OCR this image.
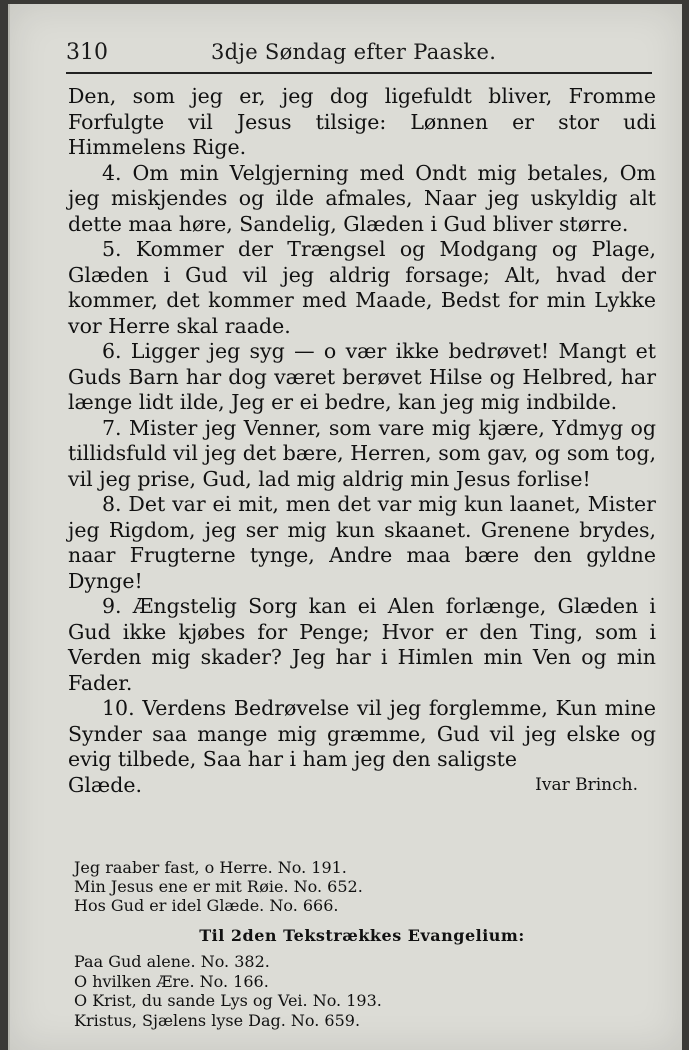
310	3dje Søndag efter Paaske.

Den, som jeg er, jeg dog ligefuldt bliver, Fromme Forfulgte vil Jesus tilsige: Lønnen er stor udi Himmelens Rige.

4. Om min Velgjerning med Ondt mig betales, Om jeg miskjendes og ilde afmales, Naar jeg uskyldig alt dette maa høre, Sandelig, Glæden i Gud bliver større.

5. Kommer der Trængsel og Modgang og Plage, Glæden i Gud vil jeg aldrig forsage; Alt, hvad der kommer, det kommer med Maade, Bedst for min Lykke vor Herre skal raade.

6. Ligger jeg syg — o vær ikke bedrøvet! Mangt et Guds Barn har dog været berøvet Hilse og Helbred, har længe lidt ilde, Jeg er ei bedre, kan jeg mig indbilde.

7. Mister jeg Venner, som vare mig kjære, Ydmyg og tillidsfuld vil jeg det bære, Herren, som gav, og som tog, vil jeg prise, Gud, lad mig aldrig min Jesus forlise!

8. Det var ei mit, men det var mig kun laanet, Mister jeg Rigdom, jeg ser mig kun skaanet. Grenene brydes, naar Frugterne tynge, Andre maa bære den gyldne Dynge!

9. Ængstelig Sorg kan ei Alen forlænge, Glæden i Gud ikke kjøbes for Penge; Hvor er den Ting, som i Verden mig skader? Jeg har i Himlen min Ven og min Fader.

10. Verdens Bedrøvelse vil jeg forglemme, Kun mine Synder saa mange mig græmme, Gud vil jeg elske og evig tilbede, Saa har i ham jeg den saligste

Glæde.	Ivar Brinch.

Jeg raaber fast, o Herre. No. 191.

Min Jesus ene er mit Røie. No. 652.

Hos Gud er idel Glæde. No. 666.

Til 2den Tekstrækkes Evangelium:

Paa Gud alene. No. 382.

O hvilken Ære. No. 166.

O Krist, du sande Lys og Vei. No. 193.

Kristus, Sjælens lyse Dag. No. 659.
